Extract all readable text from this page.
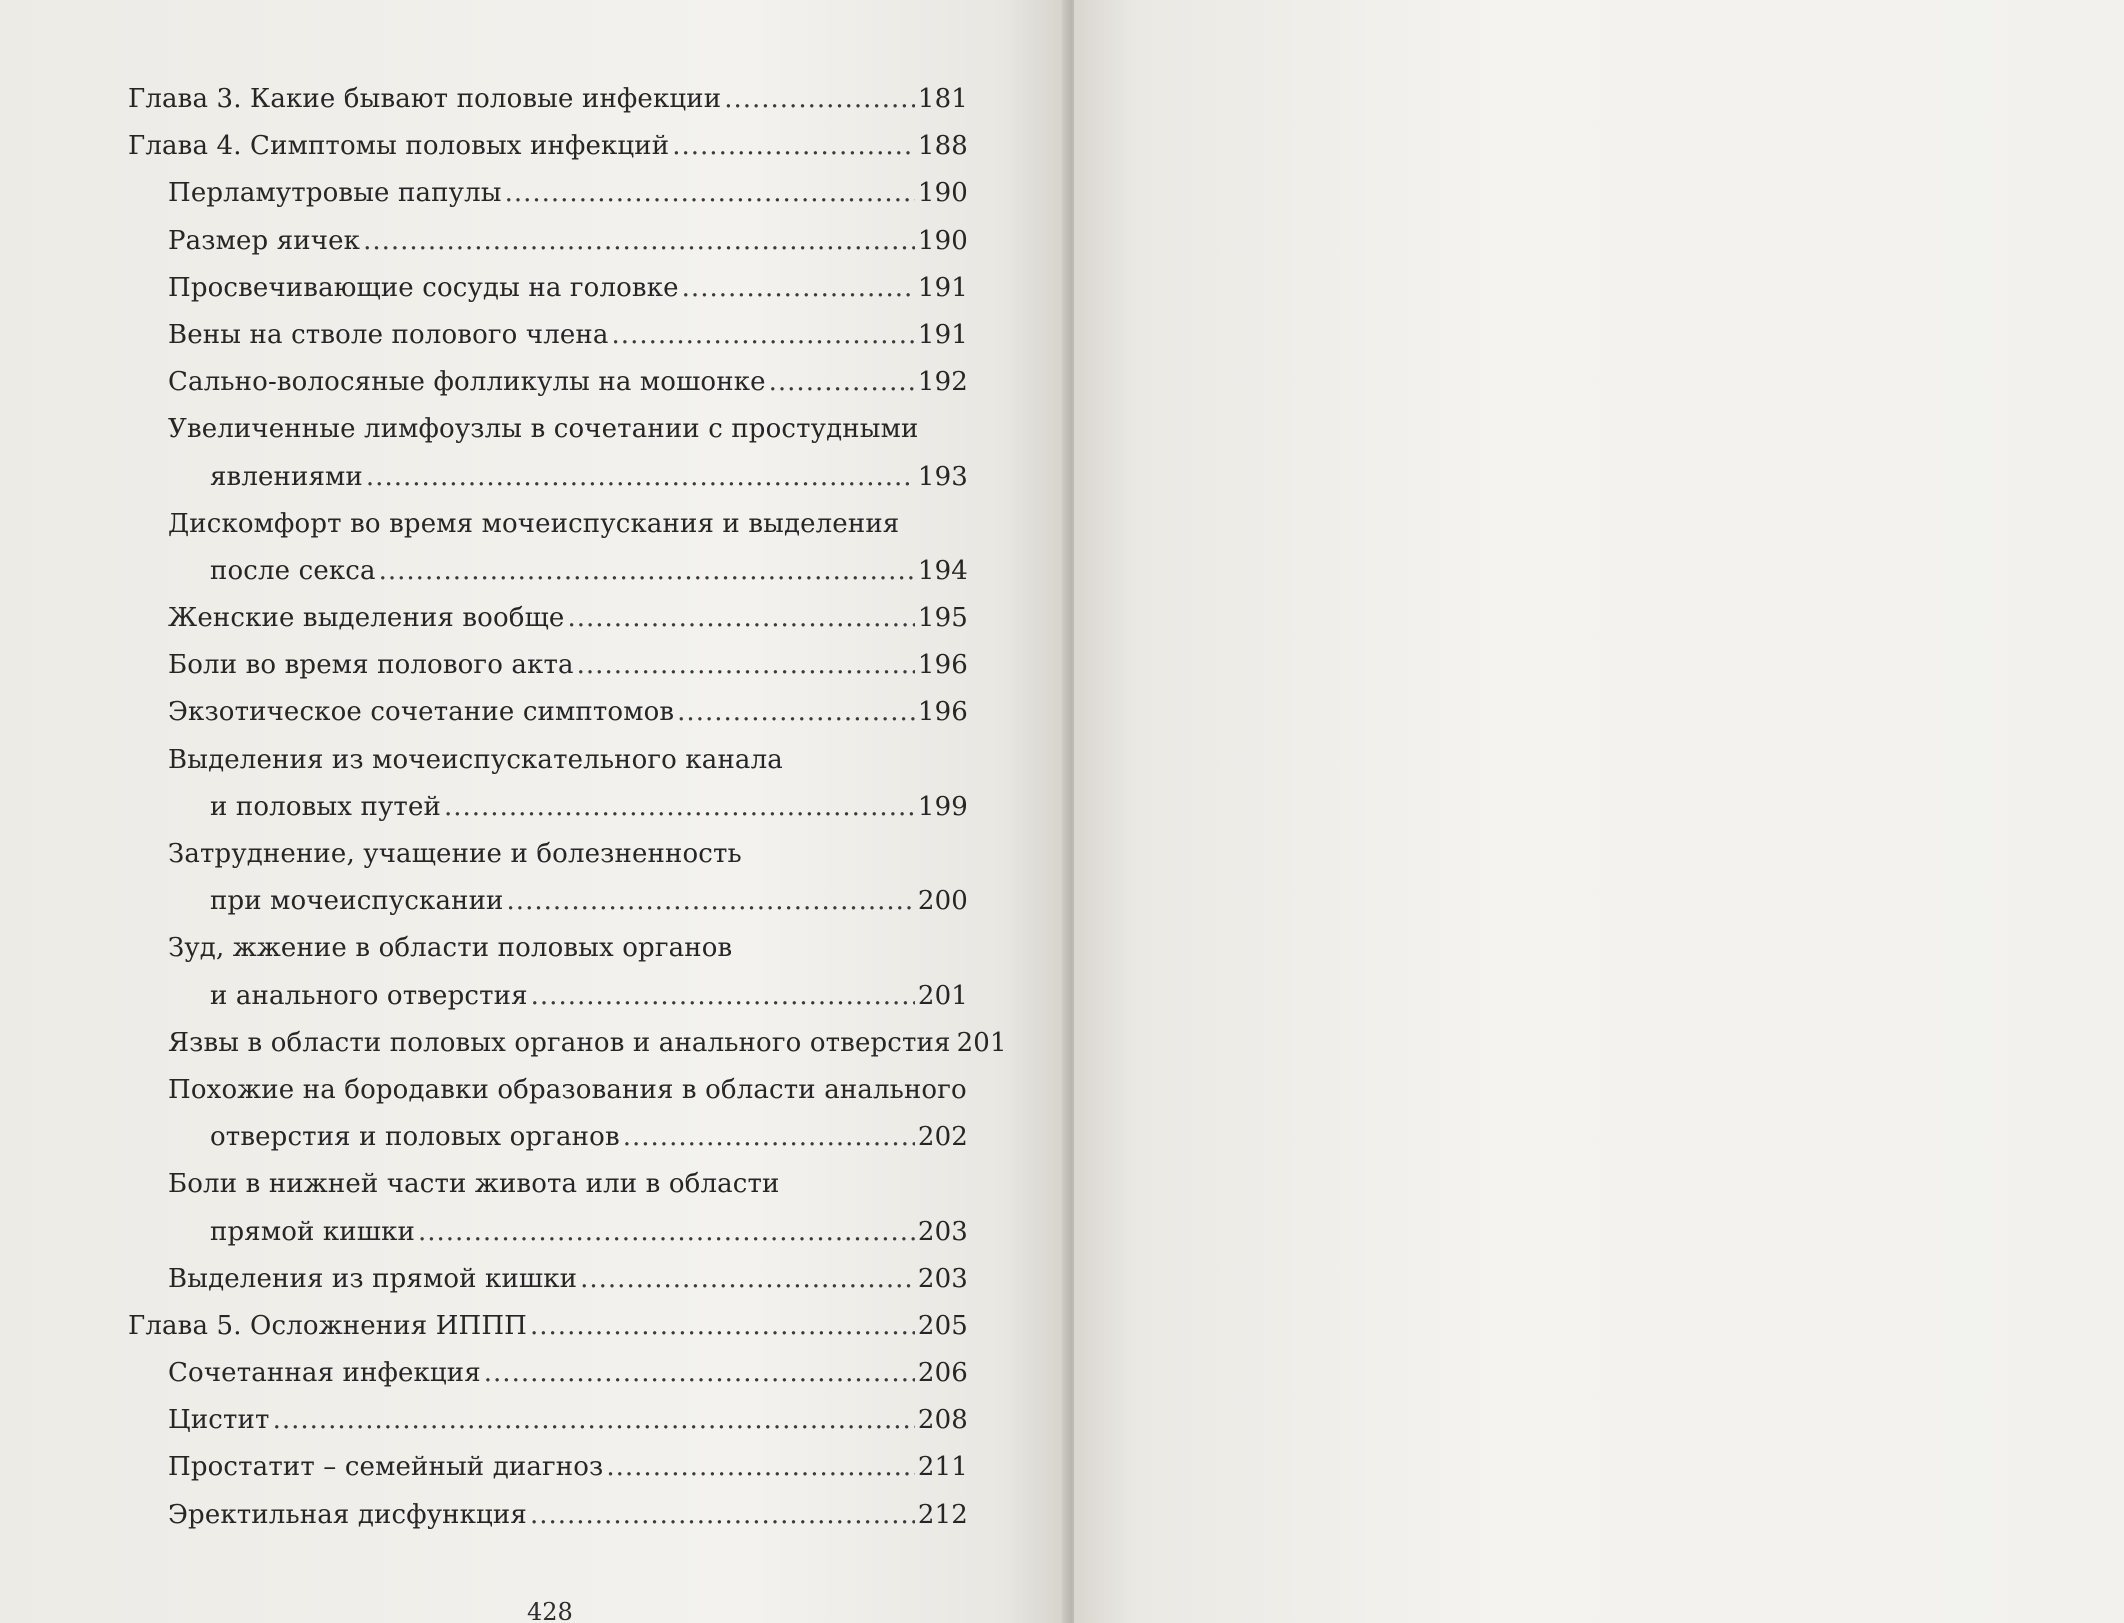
Глава 3. Какие бывают половые инфекции .....	181
Глава 4. Симптомы половых инфекций .....	188
Перламутровые папулы .....	190
Размер яичек .....	190
Просвечивающие сосуды на головке .....	191
Вены на стволе полового члена .....	191
Сально-волосяные фолликулы на мошонке .....	192
Увеличенные лимфоузлы в сочетании с простудными
явлениями .....	193
Дискомфорт во время мочеиспускания и выделения
после секса .....	194
Женские выделения вообще .....	195
Боли во время полового акта .....	196
Экзотическое сочетание симптомов .....	196
Выделения из мочеиспускательного канала
и половых путей .....	199
Затруднение, учащение и болезненность
при мочеиспускании .....	200
Зуд, жжение в области половых органов
и анального отверстия .....	201
Язвы в области половых органов и анального отверстия 201
Похожие на бородавки образования в области анального
отверстия и половых органов .....	202
Боли в нижней части живота или в области
прямой кишки .....	203
Выделения из прямой кишки .....	203
Глава 5. Осложнения ИППП .....	205
Сочетанная инфекция .....	206
Цистит .....	208
Простатит – семейный диагноз .....	211
Эректильная дисфункция .....	212
428
